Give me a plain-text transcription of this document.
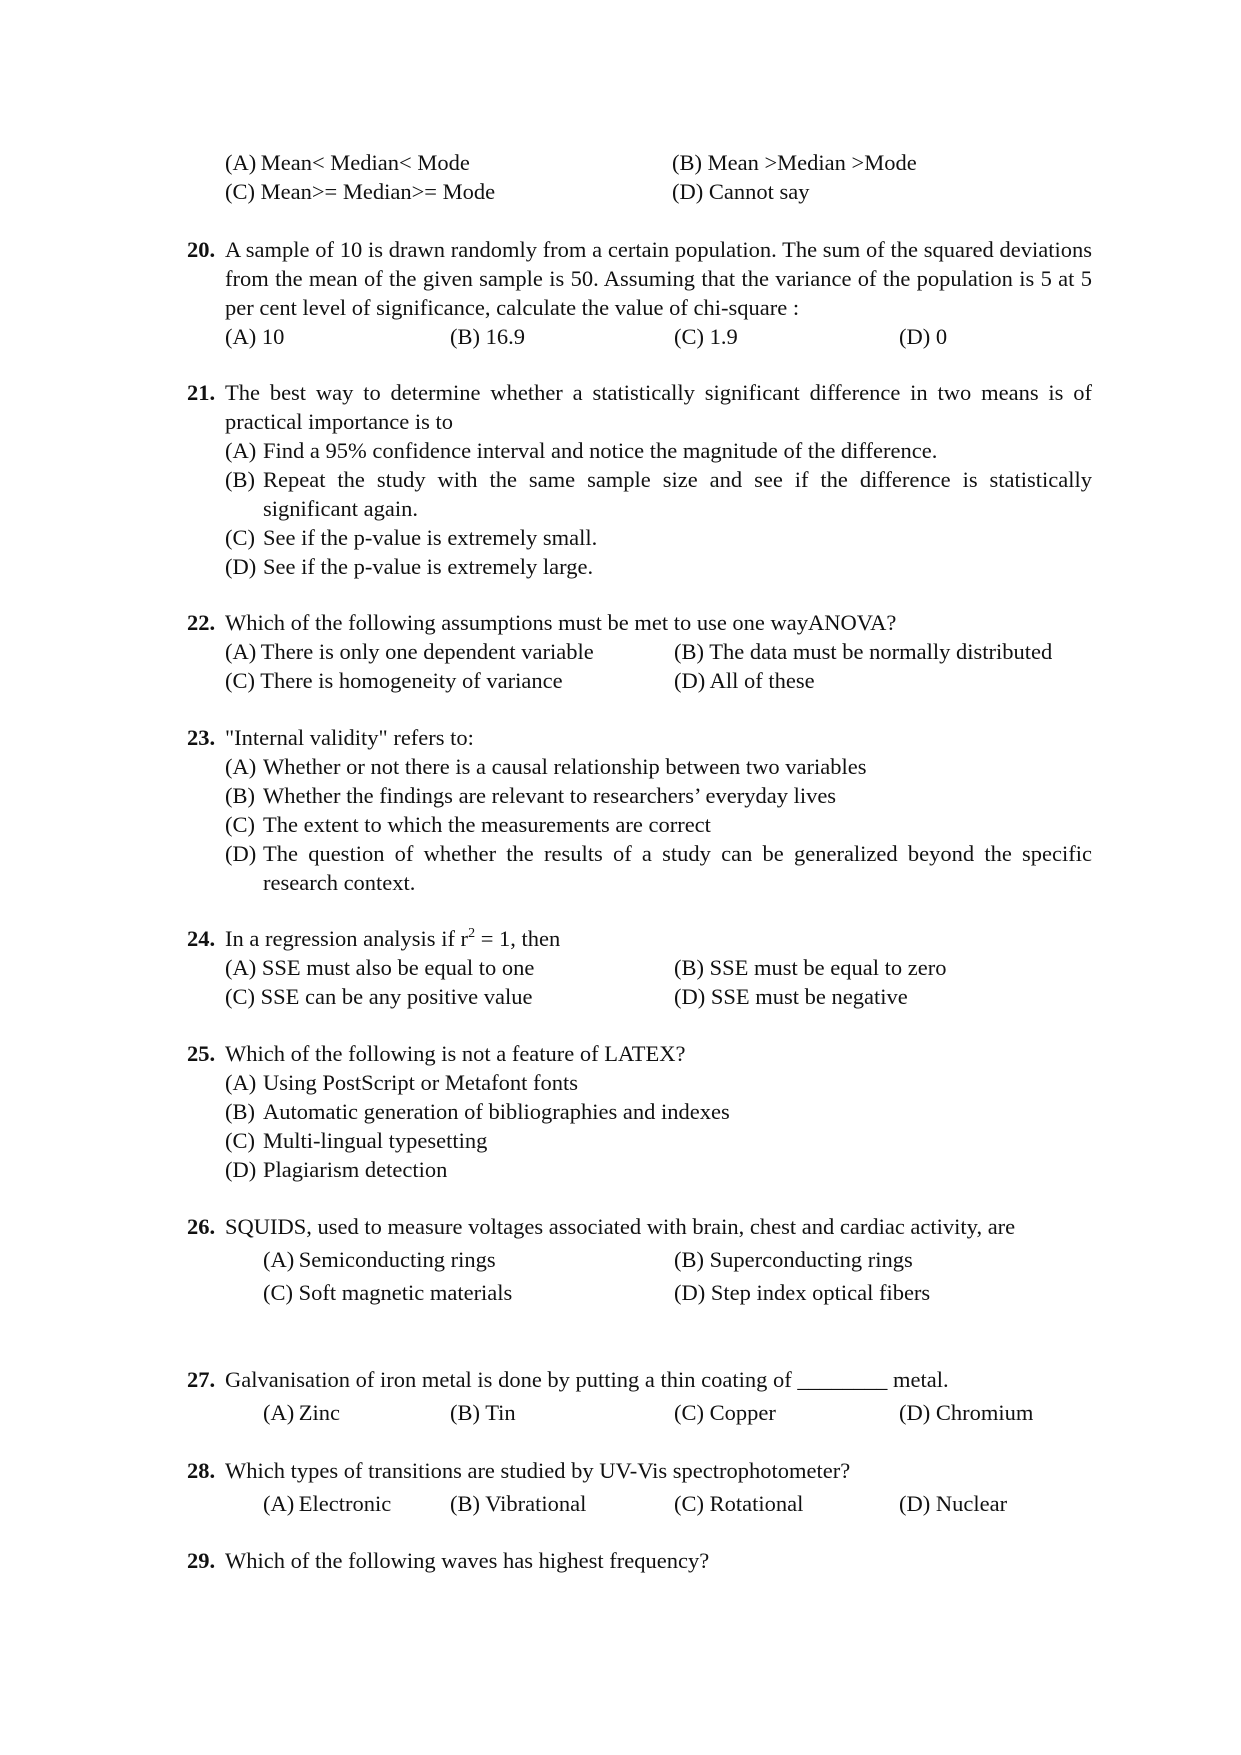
(A) Mean< Median< Mode	(B) Mean >Median >Mode
(C) Mean>= Median>= Mode	(D) Cannot say
20. A sample of 10 is drawn randomly from a certain population. The sum of the squared deviations from the mean of the given sample is 50. Assuming that the variance of the population is 5 at 5 per cent level of significance, calculate the value of chi-square :
(A) 10	(B) 16.9	(C) 1.9	(D) 0
21. The best way to determine whether a statistically significant difference in two means is of practical importance is to
(A) Find a 95% confidence interval and notice the magnitude of the difference.
(B) Repeat the study with the same sample size and see if the difference is statistically significant again.
(C) See if the p-value is extremely small.
(D) See if the p-value is extremely large.
22. Which of the following assumptions must be met to use one wayANOVA?
(A) There is only one dependent variable	(B) The data must be normally distributed
(C) There is homogeneity of variance	(D) All of these
23. "Internal validity" refers to:
(A) Whether or not there is a causal relationship between two variables
(B) Whether the findings are relevant to researchers’ everyday lives
(C) The extent to which the measurements are correct
(D) The question of whether the results of a study can be generalized beyond the specific research context.
24. In a regression analysis if $r^2 = 1$, then
(A) SSE must also be equal to one	(B) SSE must be equal to zero
(C) SSE can be any positive value	(D) SSE must be negative
25. Which of the following is not a feature of LATEX?
(A) Using PostScript or Metafont fonts
(B) Automatic generation of bibliographies and indexes
(C) Multi-lingual typesetting
(D) Plagiarism detection
26. SQUIDS, used to measure voltages associated with brain, chest and cardiac activity, are
(A) Semiconducting rings	(B) Superconducting rings
(C) Soft magnetic materials	(D) Step index optical fibers
27. Galvanisation of iron metal is done by putting a thin coating of ________ metal.
(A) Zinc	(B) Tin	(C) Copper	(D) Chromium
28. Which types of transitions are studied by UV-Vis spectrophotometer?
(A) Electronic	(B) Vibrational	(C) Rotational	(D) Nuclear
29. Which of the following waves has highest frequency?
